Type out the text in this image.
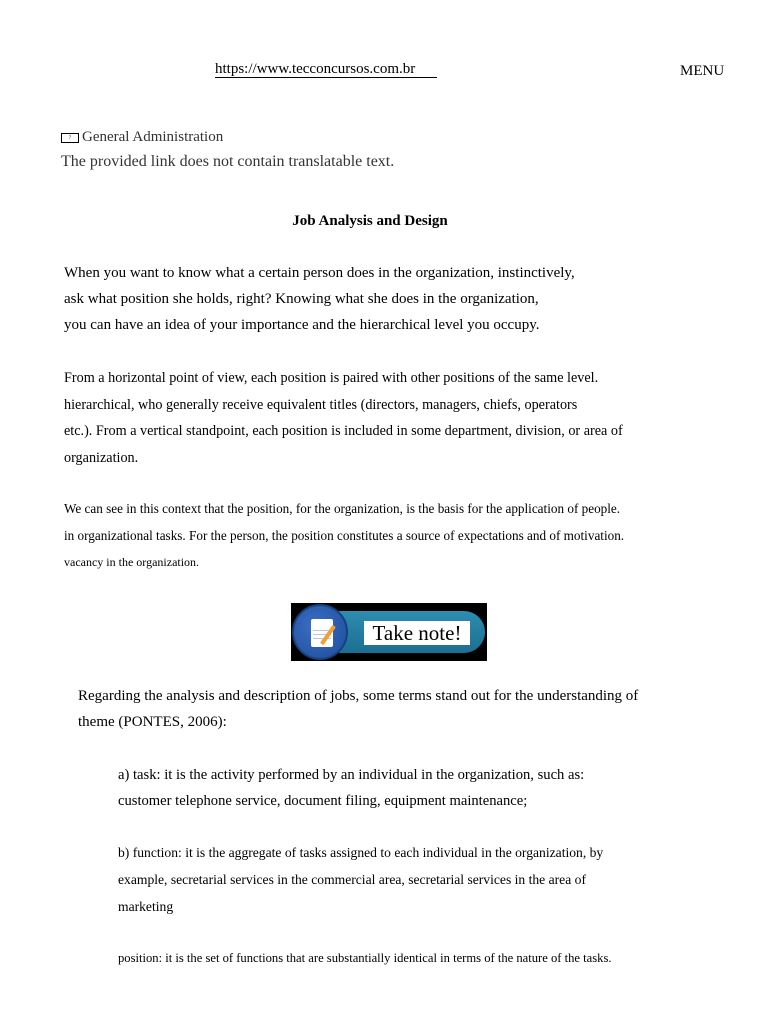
https://www.tecconcursos.com.br	MENU
? General Administration
The provided link does not contain translatable text.
Job Analysis and Design
When you want to know what a certain person does in the organization, instinctively,
ask what position she holds, right? Knowing what she does in the organization,
you can have an idea of your importance and the hierarchical level you occupy.
From a horizontal point of view, each position is paired with other positions of the same level.
hierarchical, who generally receive equivalent titles (directors, managers, chiefs, operators
etc.). From a vertical standpoint, each position is included in some department, division, or area of
organization.
We can see in this context that the position, for the organization, is the basis for the application of people.
in organizational tasks. For the person, the position constitutes a source of expectations and of motivation.
vacancy in the organization.
Take note!
Regarding the analysis and description of jobs, some terms stand out for the understanding of
theme (PONTES, 2006):
a) task: it is the activity performed by an individual in the organization, such as:
customer telephone service, document filing, equipment maintenance;
b) function: it is the aggregate of tasks assigned to each individual in the organization, by
example, secretarial services in the commercial area, secretarial services in the area of
marketing
position: it is the set of functions that are substantially identical in terms of the nature of the tasks.
